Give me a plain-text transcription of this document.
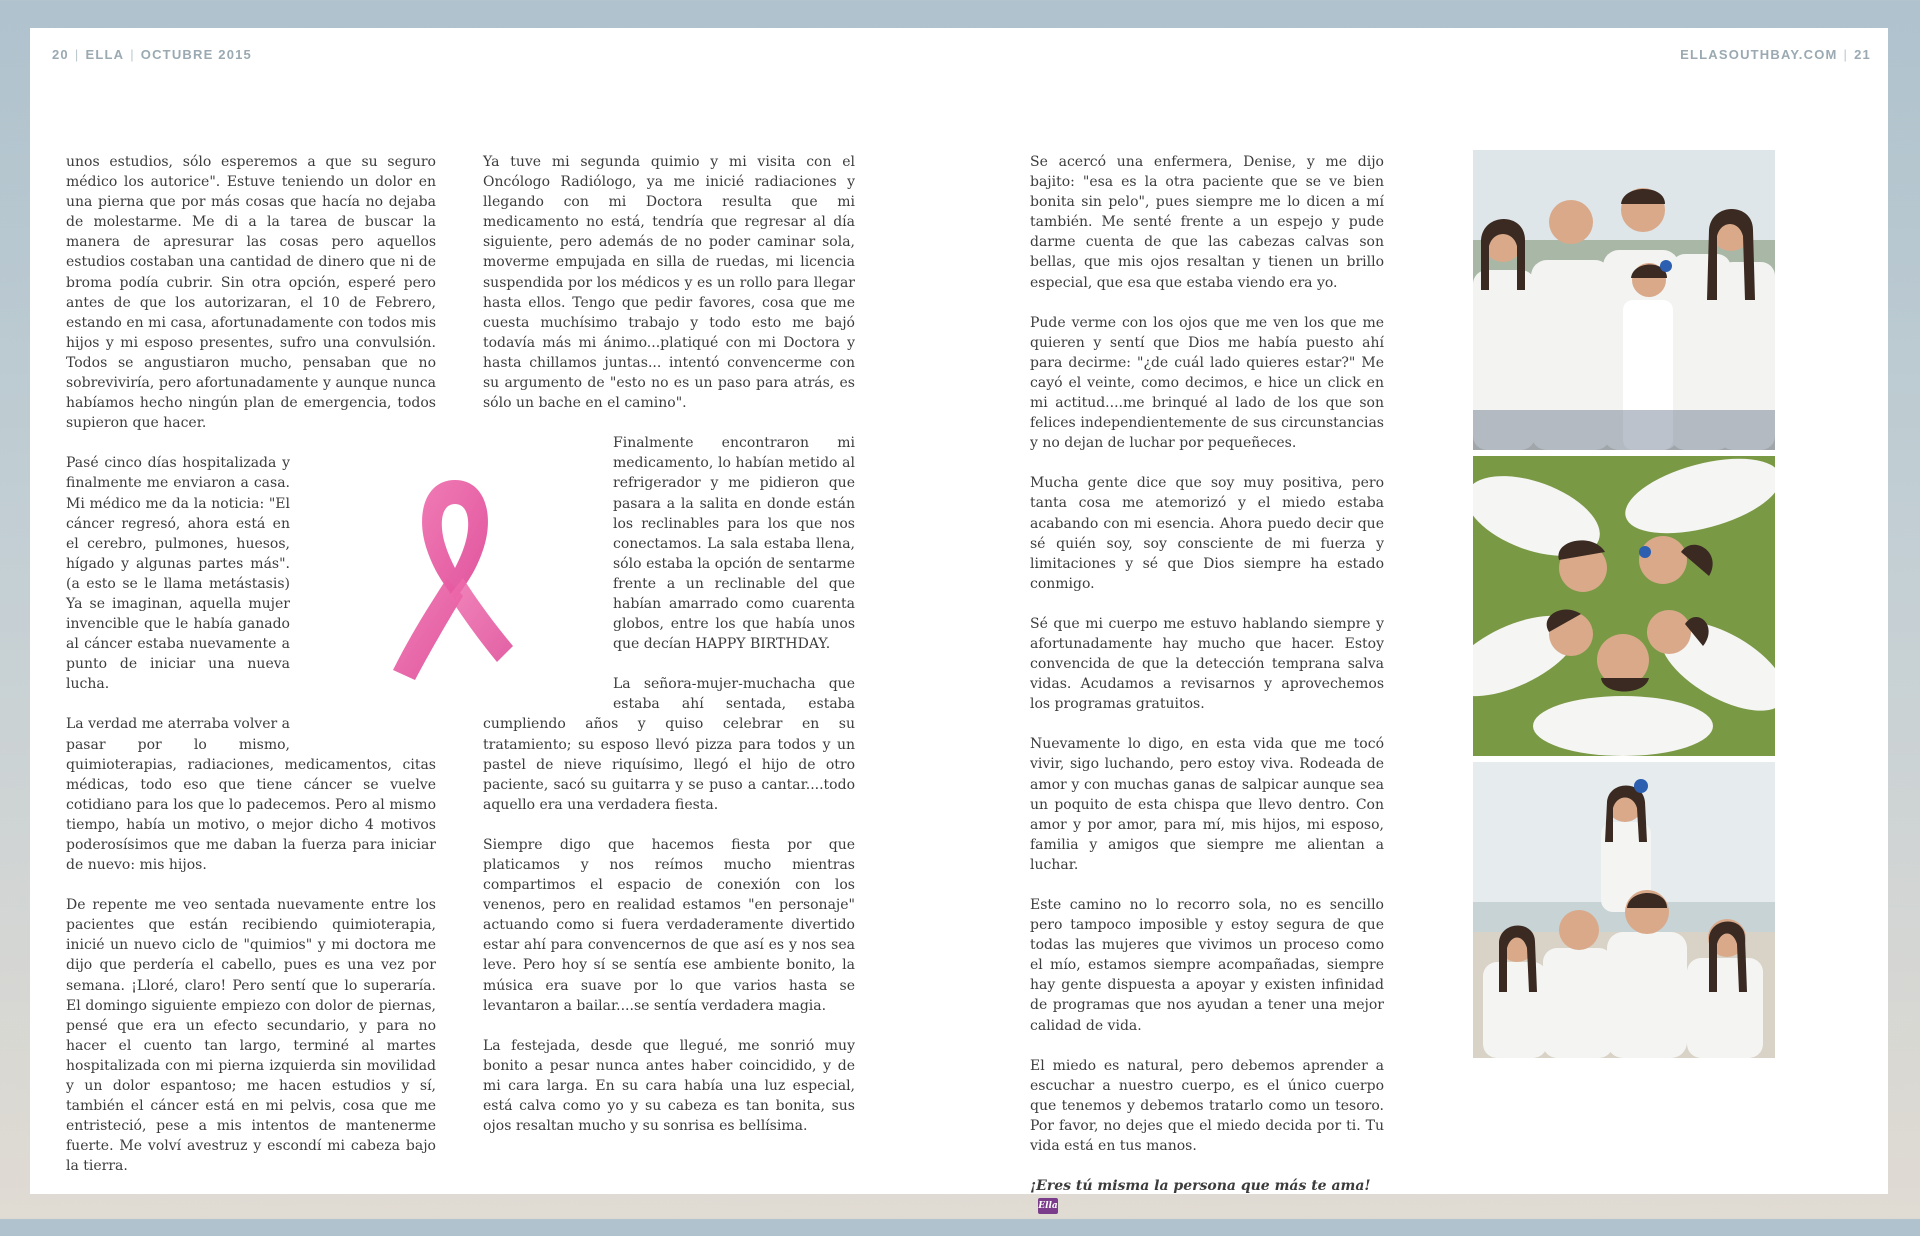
20 | ELLA | OCTUBRE 2015	ELLASOUTHBAY.COM | 21

unos estudios, sólo esperemos a que su seguro médico los autorice". Estuve teniendo un dolor en una pierna que por más cosas que hacía no dejaba de molestarme. Me di a la tarea de buscar la manera de apresurar las cosas pero aquellos estudios costaban una cantidad de dinero que ni de broma podía cubrir. Sin otra opción, esperé pero antes de que los autorizaran, el 10 de Febrero, estando en mi casa, afortunadamente con todos mis hijos y mi esposo presentes, sufro una convulsión. Todos se angustiaron mucho, pensaban que no sobreviviría, pero afortunadamente y aunque nunca habíamos hecho ningún plan de emergencia, todos supieron que hacer.

Pasé cinco días hospitalizada y finalmente me enviaron a casa. Mi médico me da la noticia: "El cáncer regresó, ahora está en el cerebro, pulmones, huesos, hígado y algunas partes más". (a esto se le llama metástasis) Ya se imaginan, aquella mujer invencible que le había ganado al cáncer estaba nuevamente a punto de iniciar una nueva lucha.

La verdad me aterraba volver a pasar por lo mismo, quimioterapias, radiaciones, medicamentos, citas médicas, todo eso que tiene cáncer se vuelve cotidiano para los que lo padecemos. Pero al mismo tiempo, había un motivo, o mejor dicho 4 motivos poderosísimos que me daban la fuerza para iniciar de nuevo: mis hijos.

De repente me veo sentada nuevamente entre los pacientes que están recibiendo quimioterapia, inicié un nuevo ciclo de "quimios" y mi doctora me dijo que perdería el cabello, pues es una vez por semana. ¡Lloré, claro! Pero sentí que lo superaría. El domingo siguiente empiezo con dolor de piernas, pensé que era un efecto secundario, y para no hacer el cuento tan largo, terminé al martes hospitalizada con mi pierna izquierda sin movilidad y un dolor espantoso; me hacen estudios y sí, también el cáncer está en mi pelvis, cosa que me entristeció, pese a mis intentos de mantenerme fuerte. Me volví avestruz y escondí mi cabeza bajo la tierra.

Ya tuve mi segunda quimio y mi visita con el Oncólogo Radiólogo, ya me inicié radiaciones y llegando con mi Doctora resulta que mi medicamento no está, tendría que regresar al día siguiente, pero además de no poder caminar sola, moverme empujada en silla de ruedas, mi licencia suspendida por los médicos y es un rollo para llegar hasta ellos. Tengo que pedir favores, cosa que me cuesta muchísimo trabajo y todo esto me bajó todavía más mi ánimo...platiqué con mi Doctora y hasta chillamos juntas... intentó convencerme con su argumento de "esto no es un paso para atrás, es sólo un bache en el camino".

Finalmente encontraron mi medicamento, lo habían metido al refrigerador y me pidieron que pasara a la salita en donde están los reclinables para los que nos conectamos. La sala estaba llena, sólo estaba la opción de sentarme frente a un reclinable del que habían amarrado como cuarenta globos, entre los que había unos que decían HAPPY BIRTHDAY.

La señora-mujer-muchacha que estaba ahí sentada, estaba cumpliendo años y quiso celebrar en su tratamiento; su esposo llevó pizza para todos y un pastel de nieve riquísimo, llegó el hijo de otro paciente, sacó su guitarra y se puso a cantar....todo aquello era una verdadera fiesta.

Siempre digo que hacemos fiesta por que platicamos y nos reímos mucho mientras compartimos el espacio de conexión con los venenos, pero en realidad estamos "en personaje" actuando como si fuera verdaderamente divertido estar ahí para convencernos de que así es y nos sea leve. Pero hoy sí se sentía ese ambiente bonito, la música era suave por lo que varios hasta se levantaron a bailar....se sentía verdadera magia.

La festejada, desde que llegué, me sonrió muy bonito a pesar nunca antes haber coincidido, y de mi cara larga. En su cara había una luz especial, está calva como yo y su cabeza es tan bonita, sus ojos resaltan mucho y su sonrisa es bellísima.

Se acercó una enfermera, Denise, y me dijo bajito: "esa es la otra paciente que se ve bien bonita sin pelo", pues siempre me lo dicen a mí también. Me senté frente a un espejo y pude darme cuenta de que las cabezas calvas son bellas, que mis ojos resaltan y tienen un brillo especial, que esa que estaba viendo era yo.

Pude verme con los ojos que me ven los que me quieren y sentí que Dios me había puesto ahí para decirme: "¿de cuál lado quieres estar?" Me cayó el veinte, como decimos, e hice un click en mi actitud....me brinqué al lado de los que son felices independientemente de sus circunstancias y no dejan de luchar por pequeñeces.

Mucha gente dice que soy muy positiva, pero tanta cosa me atemorizó y el miedo estaba acabando con mi esencia. Ahora puedo decir que sé quién soy, soy consciente de mi fuerza y limitaciones y sé que Dios siempre ha estado conmigo.

Sé que mi cuerpo me estuvo hablando siempre y afortunadamente hay mucho que hacer. Estoy convencida de que la detección temprana salva vidas. Acudamos a revisarnos y aprovechemos los programas gratuitos.

Nuevamente lo digo, en esta vida que me tocó vivir, sigo luchando, pero estoy viva. Rodeada de amor y con muchas ganas de salpicar aunque sea un poquito de esta chispa que llevo dentro. Con amor y por amor, para mí, mis hijos, mi esposo, familia y amigos que siempre me alientan a luchar.

Este camino no lo recorro sola, no es sencillo pero tampoco imposible y estoy segura de que todas las mujeres que vivimos un proceso como el mío, estamos siempre acompañadas, siempre hay gente dispuesta a apoyar y existen infinidad de programas que nos ayudan a tener una mejor calidad de vida.

El miedo es natural, pero debemos aprender a escuchar a nuestro cuerpo, es el único cuerpo que tenemos y debemos tratarlo como un tesoro. Por favor, no dejes que el miedo decida por ti. Tu vida está en tus manos.

¡Eres tú misma la persona que más te ama!Ella
